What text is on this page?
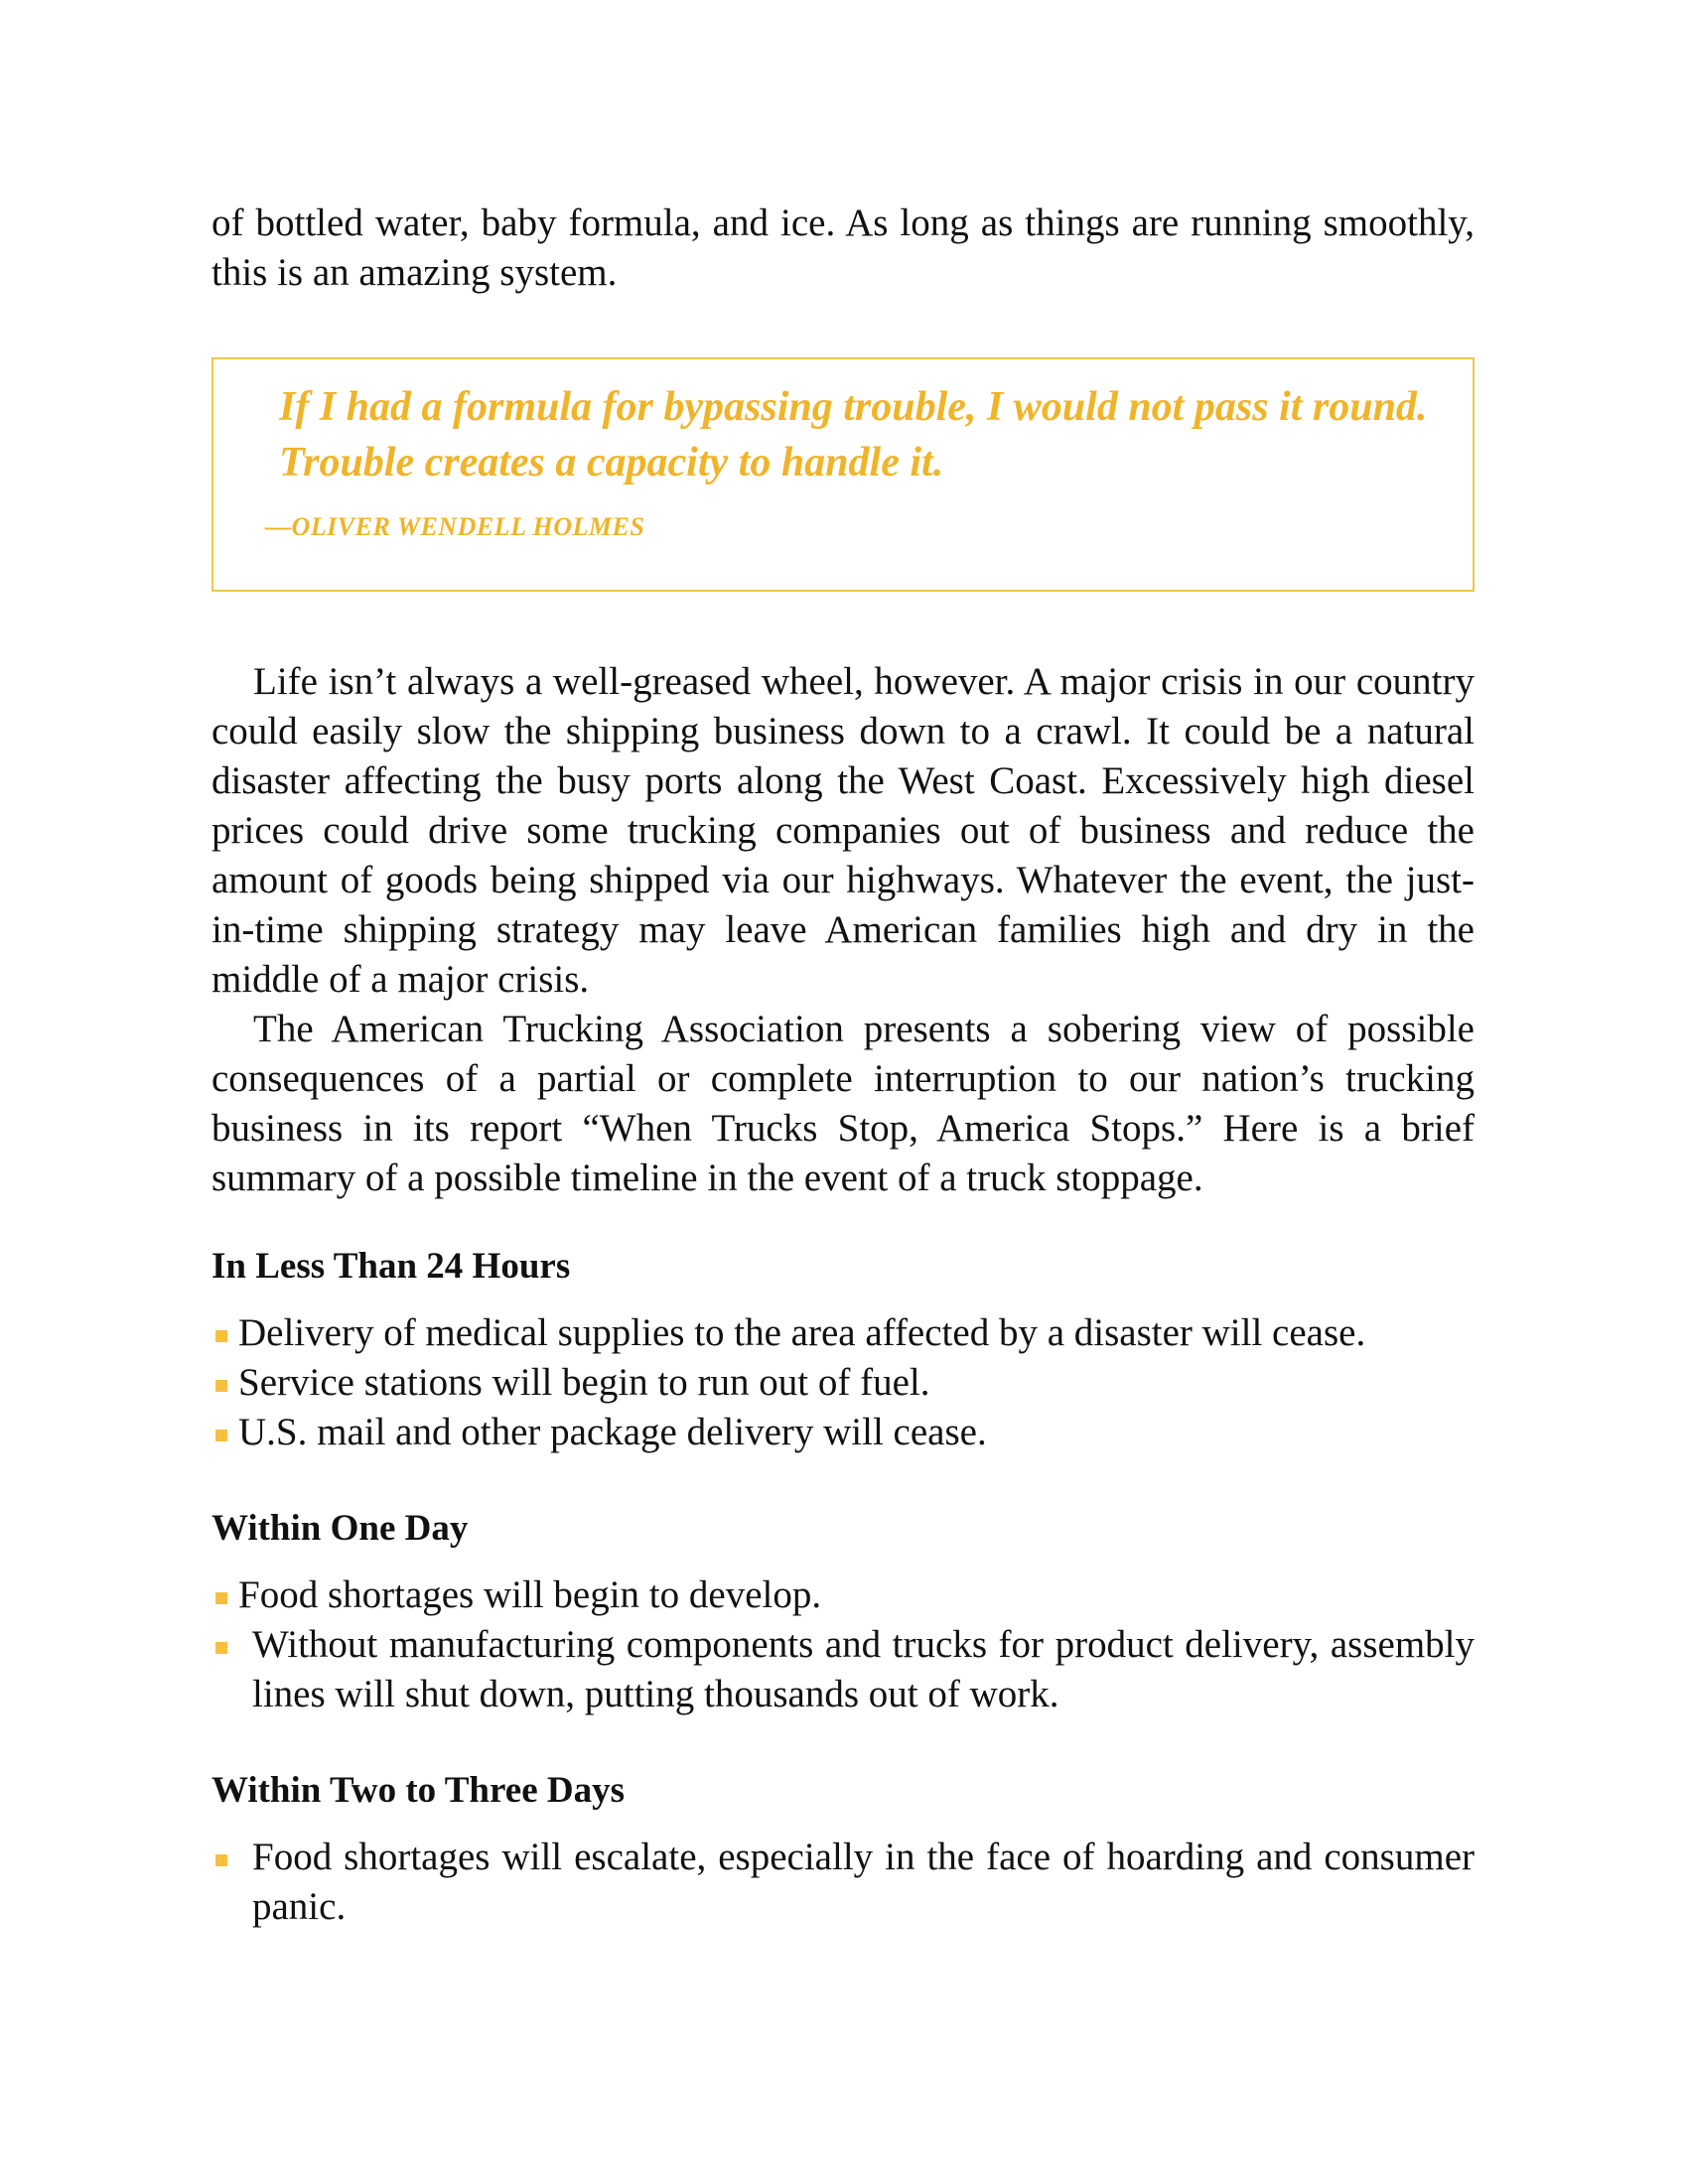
of bottled water, baby formula, and ice. As long as things are running smoothly, this is an amazing system.

If I had a formula for bypassing trouble, I would not pass it round. Trouble creates a capacity to handle it.

—OLIVER WENDELL HOLMES

Life isn’t always a well-greased wheel, however. A major crisis in our country could easily slow the shipping business down to a crawl. It could be a natural disaster affecting the busy ports along the West Coast. Excessively high diesel prices could drive some trucking companies out of business and reduce the amount of goods being shipped via our highways. Whatever the event, the just-in-time shipping strategy may leave American families high and dry in the middle of a major crisis.

The American Trucking Association presents a sobering view of possible consequences of a partial or complete interruption to our nation’s trucking business in its report “When Trucks Stop, America Stops.” Here is a brief summary of a possible timeline in the event of a truck stoppage.

In Less Than 24 Hours
Delivery of medical supplies to the area affected by a disaster will cease.
Service stations will begin to run out of fuel.
U.S. mail and other package delivery will cease.
Within One Day
Food shortages will begin to develop.
Without manufacturing components and trucks for product delivery, assembly lines will shut down, putting thousands out of work.
Within Two to Three Days
Food shortages will escalate, especially in the face of hoarding and consumer panic.
